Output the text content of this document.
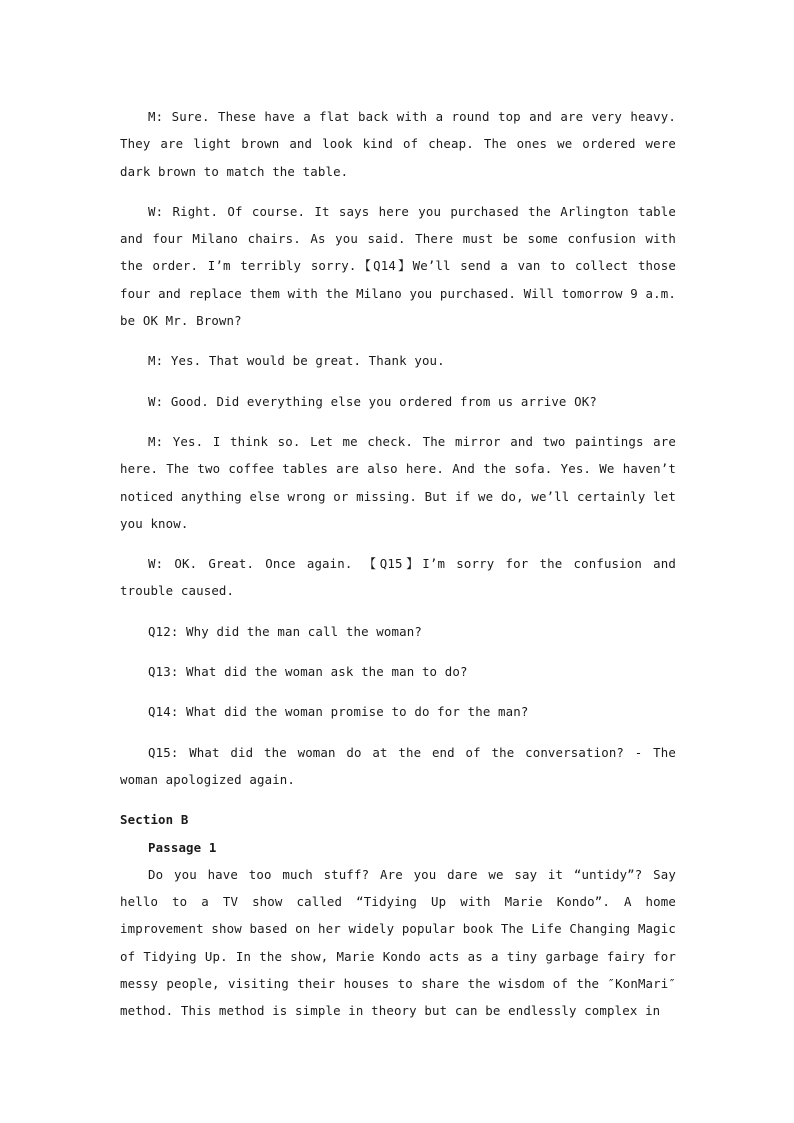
M: Sure. These have a flat back with a round top and are very heavy. They are light brown and look kind of cheap. The ones we ordered were dark brown to match the table.

W: Right. Of course. It says here you purchased the Arlington table and four Milano chairs. As you said. There must be some confusion with the order. I’m terribly sorry.【Q14】We’ll send a van to collect those four and replace them with the Milano you purchased. Will tomorrow 9 a.m. be OK Mr. Brown?

M: Yes. That would be great. Thank you.

W: Good. Did everything else you ordered from us arrive OK?

M: Yes. I think so. Let me check. The mirror and two paintings are here. The two coffee tables are also here. And the sofa. Yes. We haven’t noticed anything else wrong or missing. But if we do, we’ll certainly let you know.

W: OK. Great. Once again. 【Q15】I’m sorry for the confusion and trouble caused.

Q12: Why did the man call the woman?

Q13: What did the woman ask the man to do?

Q14: What did the woman promise to do for the man?

Q15: What did the woman do at the end of the conversation? - The woman apologized again.

Section B

Passage 1

Do you have too much stuff? Are you dare we say it “untidy”? Say hello to a TV show called “Tidying Up with Marie Kondo”. A home improvement show based on her widely popular book The Life Changing Magic of Tidying Up. In the show, Marie Kondo acts as a tiny garbage fairy for messy people, visiting their houses to share the wisdom of the ″KonMari″ method. This method is simple in theory but can be endlessly complex in
